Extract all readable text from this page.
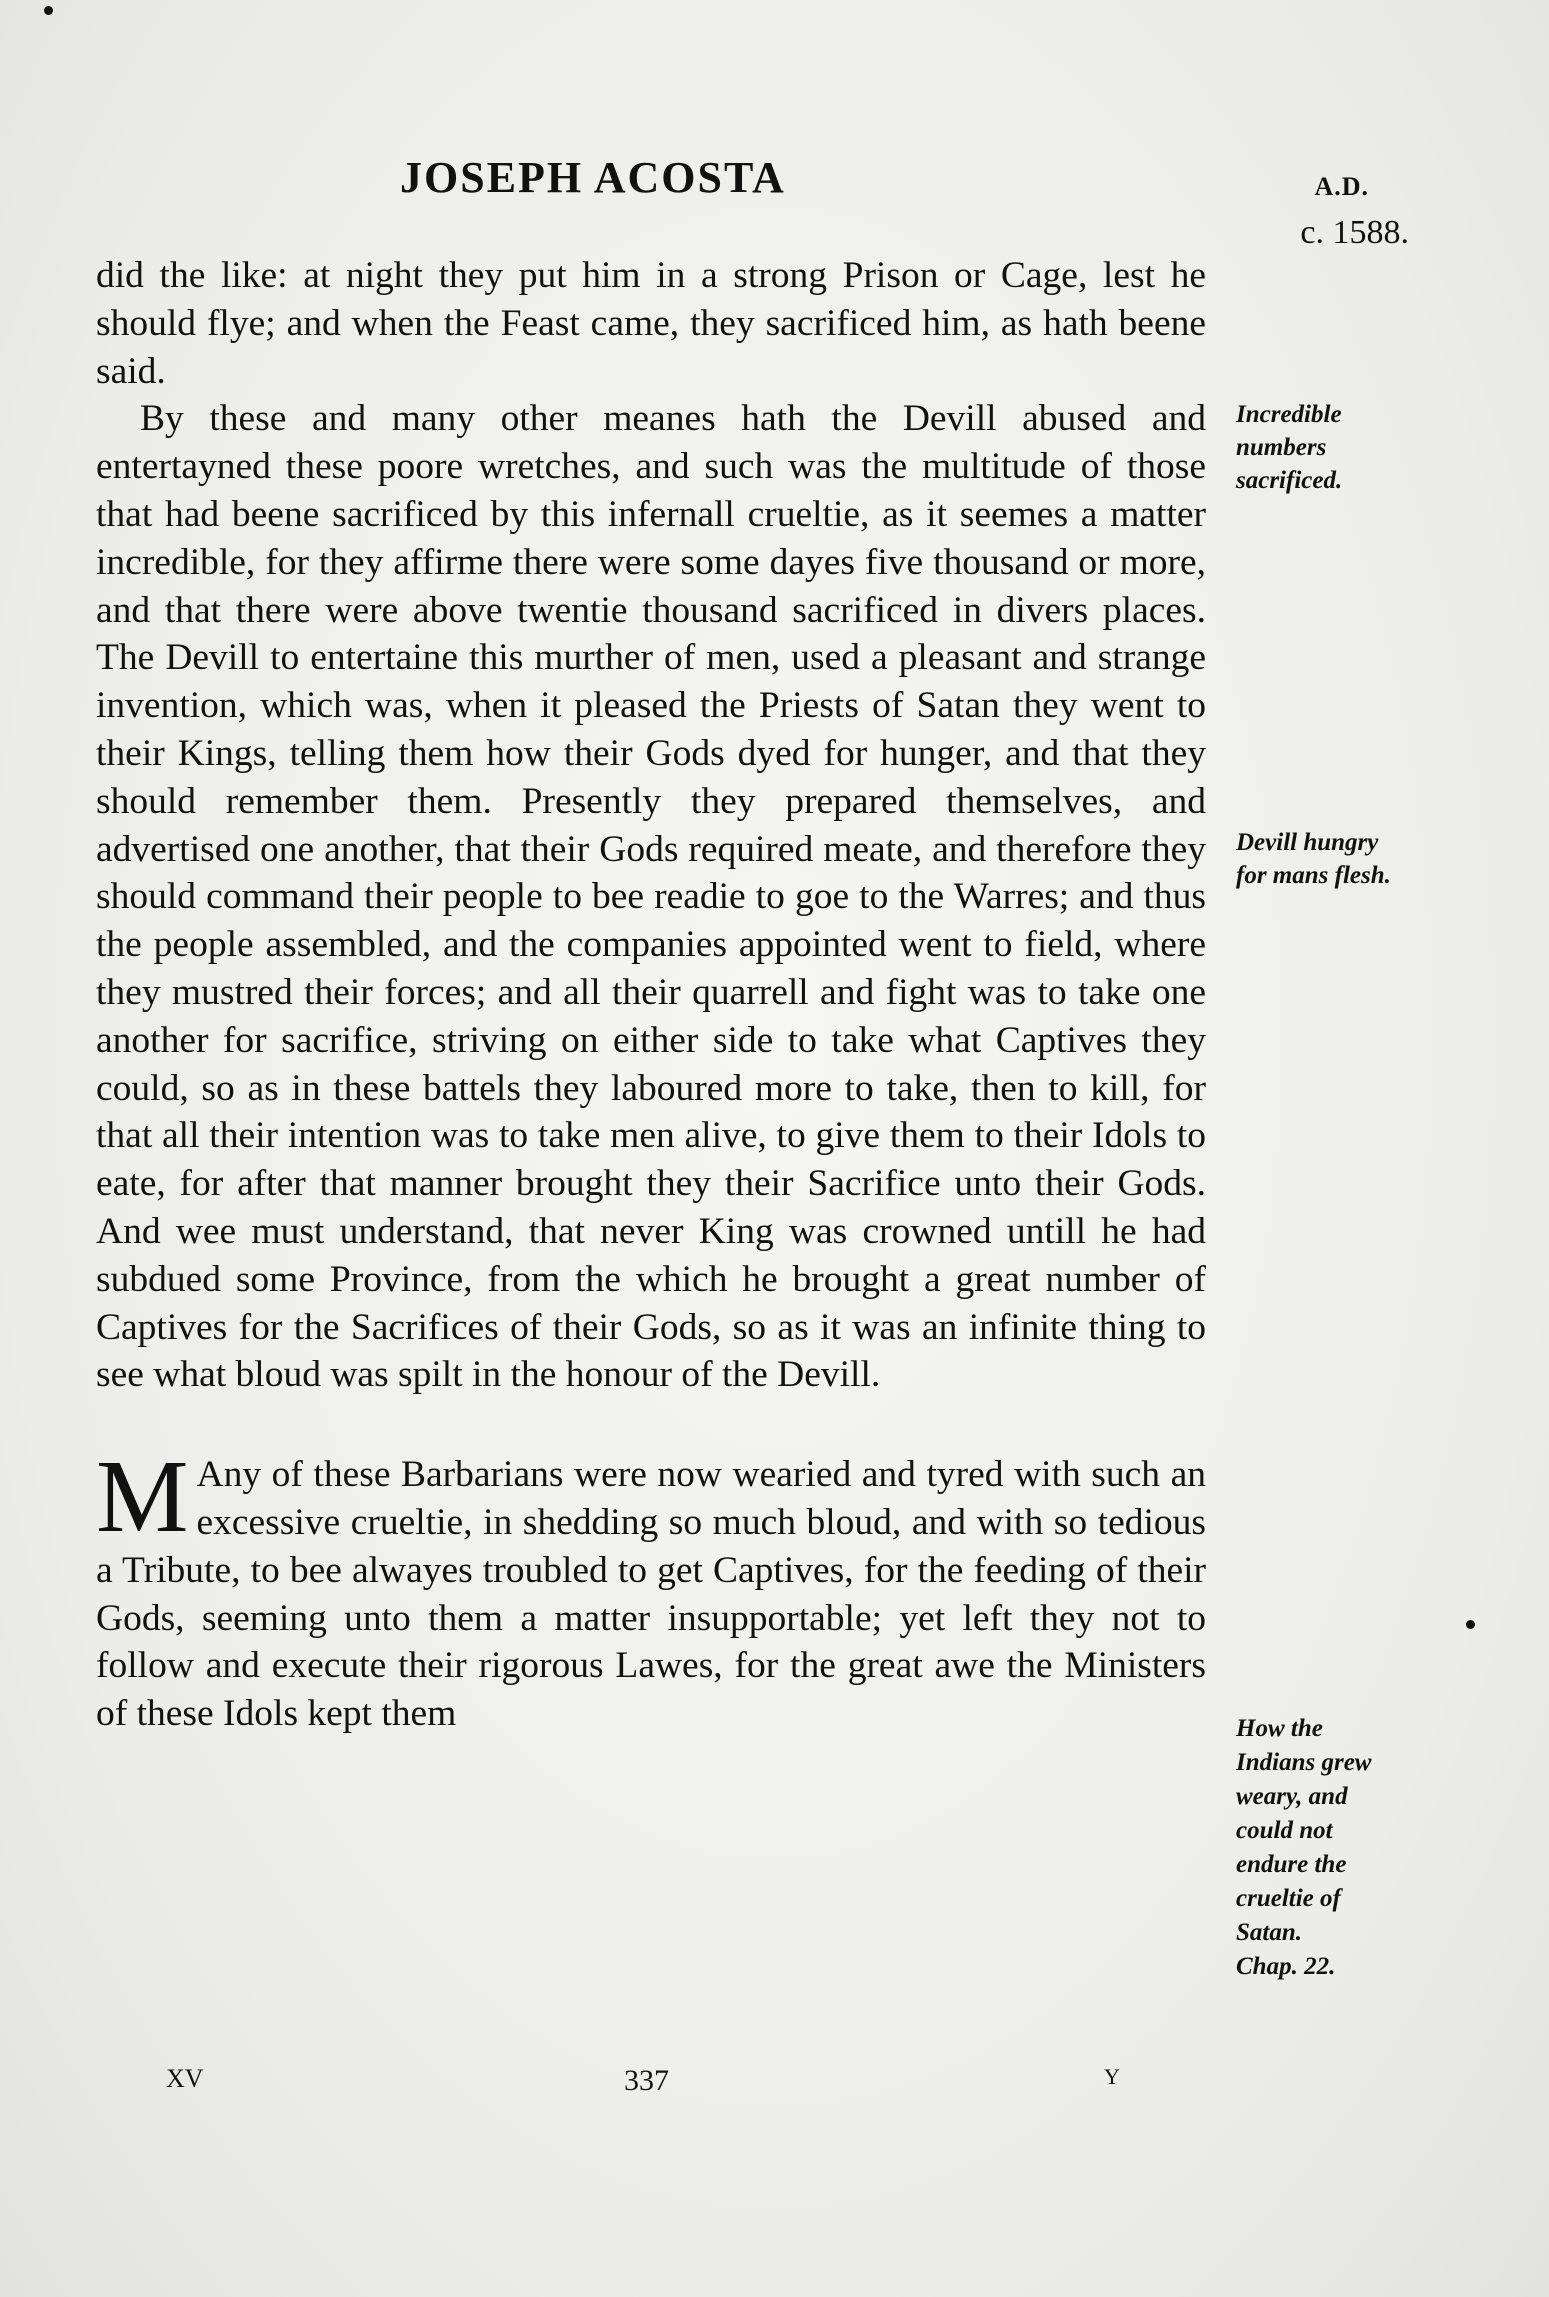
JOSEPH ACOSTA	A.D.
c. 1588.

did the like: at night they put him in a strong Prison or Cage, lest he should flye; and when the Feast came, they sacrificed him, as hath beene said.

By these and many other meanes hath the Devill abused and entertayned these poore wretches, and such was the multitude of those that had beene sacrificed by this infernall crueltie, as it seemes a matter incredible, for they affirme there were some dayes five thousand or more, and that there were above twentie thousand sacrificed in divers places. The Devill to entertaine this murther of men, used a pleasant and strange invention, which was, when it pleased the Priests of Satan they went to their Kings, telling them how their Gods dyed for hunger, and that they should remember them. Presently they prepared themselves, and advertised one another, that their Gods required meate, and therefore they should command their people to bee readie to goe to the Warres; and thus the people assembled, and the companies appointed went to field, where they mustred their forces; and all their quarrell and fight was to take one another for sacrifice, striving on either side to take what Captives they could, so as in these battels they laboured more to take, then to kill, for that all their intention was to take men alive, to give them to their Idols to eate, for after that manner brought they their Sacrifice unto their Gods. And wee must understand, that never King was crowned untill he had subdued some Province, from the which he brought a great number of Captives for the Sacrifices of their Gods, so as it was an infinite thing to see what bloud was spilt in the honour of the Devill.

M Any of these Barbarians were now wearied and tyred with such an excessive crueltie, in shedding so much bloud, and with so tedious a Tribute, to bee alwayes troubled to get Captives, for the feeding of their Gods, seeming unto them a matter insupportable; yet left they not to follow and execute their rigorous Lawes, for the great awe the Ministers of these Idols kept them

Incredible
numbers
sacrificed.
Devill hungry
for mans flesh.
How the
Indians grew
weary, and
could not
endure the
crueltie of
Satan.
Chap. 22.
XV	337	Y
